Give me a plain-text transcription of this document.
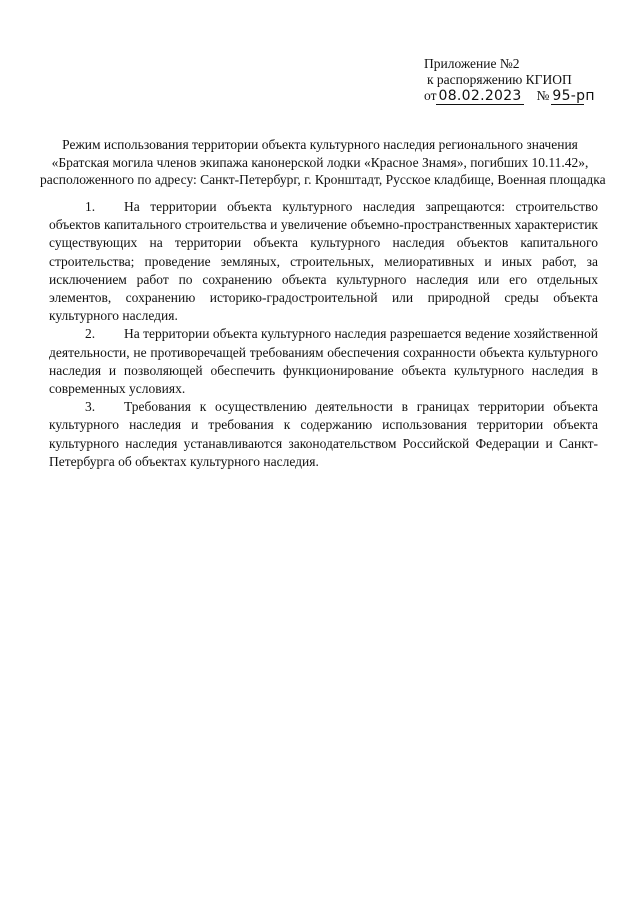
Приложение №2
к распоряжению КГИОП
от 08.02.2023 № 95-рп
Режим использования территории объекта культурного наследия регионального значения
«Братская могила членов экипажа канонерской лодки «Красное Знамя», погибших 10.11.42»,
расположенного по адресу: Санкт-Петербург, г. Кронштадт, Русское кладбище, Военная площадка

1. На территории объекта культурного наследия запрещаются: строительство объектов капитального строительства и увеличение объемно-пространственных характеристик существующих на территории объекта культурного наследия объектов капитального строительства; проведение земляных, строительных, мелиоративных и иных работ, за исключением работ по сохранению объекта культурного наследия или его отдельных элементов, сохранению историко-градостроительной или природной среды объекта культурного наследия.

2. На территории объекта культурного наследия разрешается ведение хозяйственной деятельности, не противоречащей требованиям обеспечения сохранности объекта культурного наследия и позволяющей обеспечить функционирование объекта культурного наследия в современных условиях.

3. Требования к осуществлению деятельности в границах территории объекта культурного наследия и требования к содержанию использования территории объекта культурного наследия устанавливаются законодательством Российской Федерации и Санкт-Петербурга об объектах культурного наследия.
